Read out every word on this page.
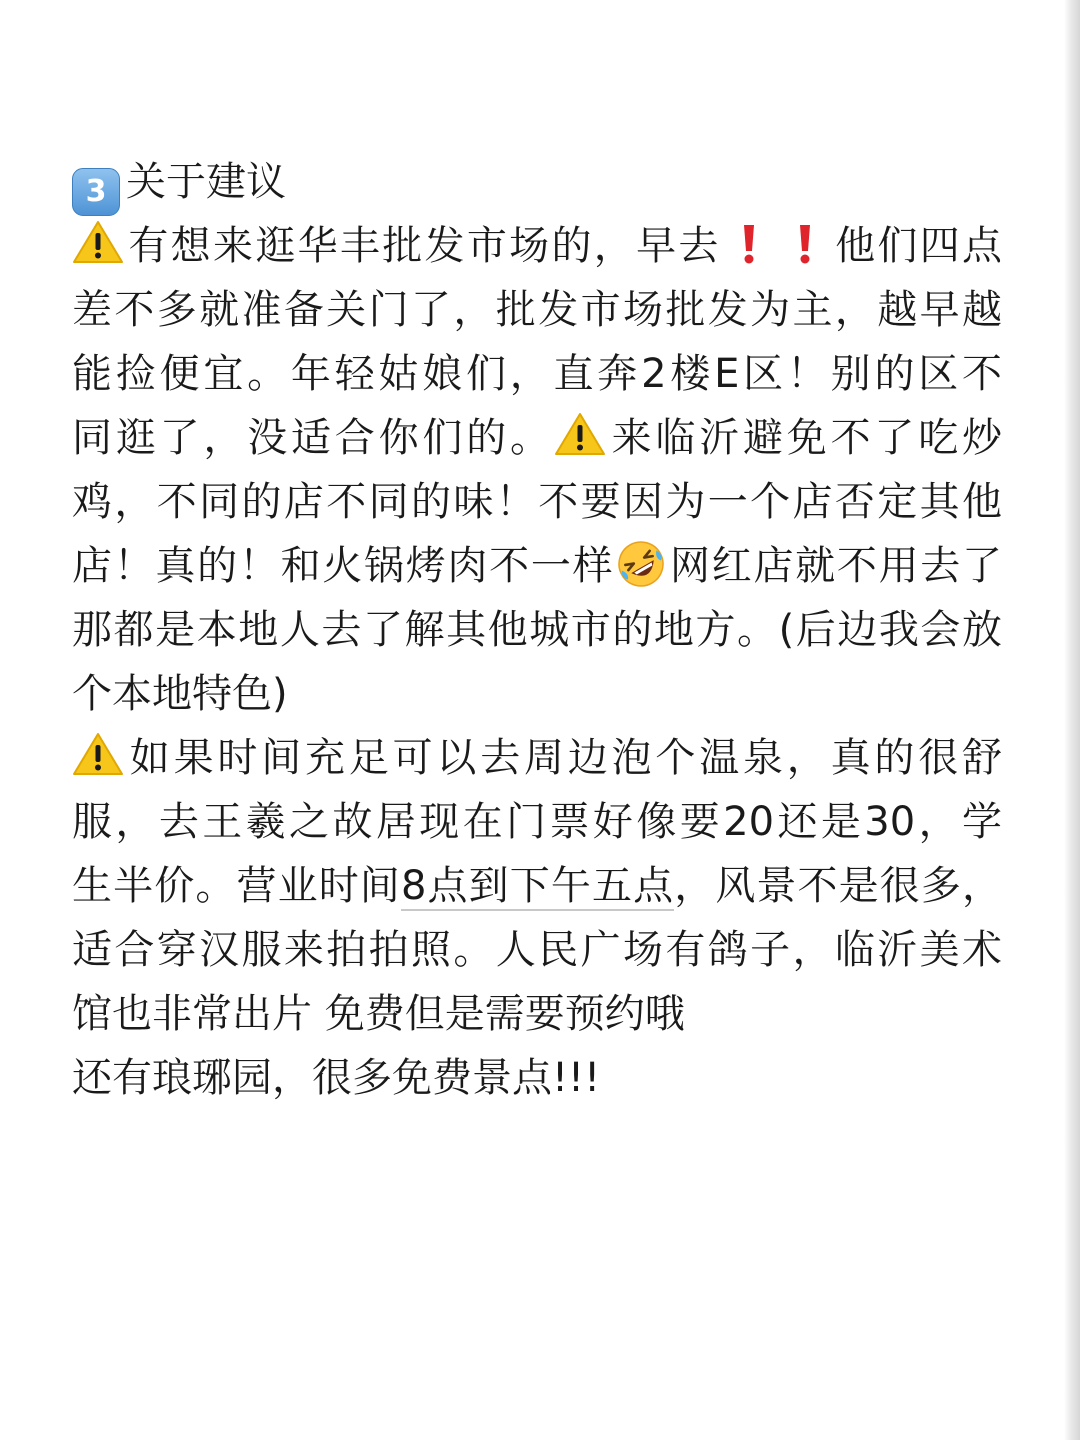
3 关于建议
有想来逛华丰批发市场的，早去	他们四点
差不多就准备关门了，批发市场批发为主，越早越
能捡便宜。年轻姑娘们，直奔2楼E区！别的区不
同逛了，没适合你们的。 来临沂避免不了吃炒
鸡，不同的店不同的味！不要因为一个店否定其他
店！真的！和火锅烤肉不一样 网红店就不用去了
那都是本地人去了解其他城市的地方。(后边我会放
个本地特色)
如果时间充足可以去周边泡个温泉，真的很舒
服，去王羲之故居现在门票好像要20还是30，学
生半价。营业时间8点到下午五点，风景不是很多，
适合穿汉服来拍拍照。人民广场有鸽子，临沂美术
馆也非常出片 免费但是需要预约哦
还有琅琊园，很多免费景点!!!
